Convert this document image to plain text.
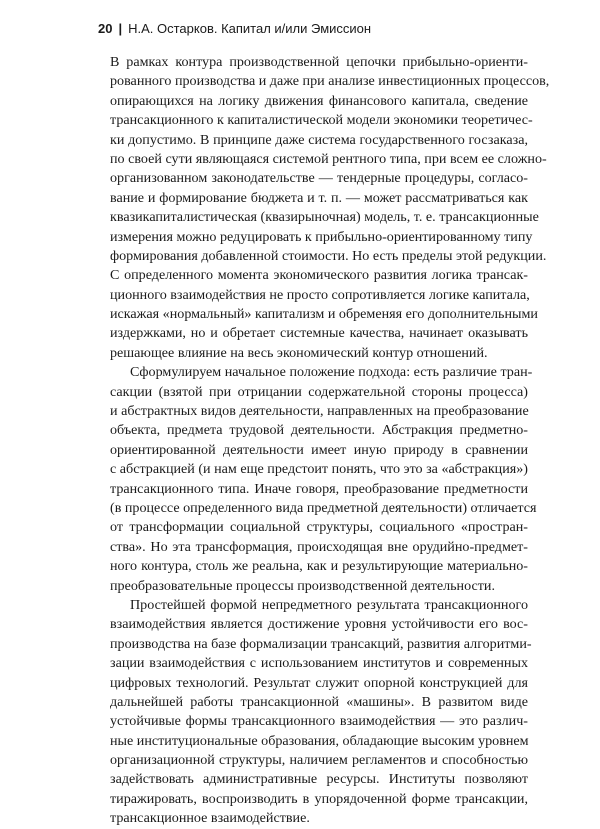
20 | Н.А. Остарков. Капитал и/или Эмиссион
В рамках контура производственной цепочки прибыльно-ориенти-
рованного производства и даже при анализе инвестиционных процессов,
опирающихся на логику движения финансового капитала, сведение
трансакционного к капиталистической модели экономики теоретичес-
ки допустимо. В принципе даже система государственного госзаказа,
по своей сути являющаяся системой рентного типа, при всем ее сложно-
организованном законодательстве — тендерные процедуры, согласо-
вание и формирование бюджета и т. п. — может рассматриваться как
квазикапиталистическая (квазирыночная) модель, т. е. трансакционные
измерения можно редуцировать к прибыльно-ориентированному типу
формирования добавленной стоимости. Но есть пределы этой редукции.
С определенного момента экономического развития логика трансак-
ционного взаимодействия не просто сопротивляется логике капитала,
искажая «нормальный» капитализм и обременяя его дополнительными
издержками, но и обретает системные качества, начинает оказывать
решающее влияние на весь экономический контур отношений.
Сформулируем начальное положение подхода: есть различие тран-
сакции (взятой при отрицании содержательной стороны процесса)
и абстрактных видов деятельности, направленных на преобразование
объекта, предмета трудовой деятельности. Абстракция предметно-
ориентированной деятельности имеет иную природу в сравнении
с абстракцией (и нам еще предстоит понять, что это за «абстракция»)
трансакционного типа. Иначе говоря, преобразование предметности
(в процессе определенного вида предметной деятельности) отличается
от трансформации социальной структуры, социального «простран-
ства». Но эта трансформация, происходящая вне орудийно-предмет-
ного контура, столь же реальна, как и результирующие материально-
преобразовательные процессы производственной деятельности.
Простейшей формой непредметного результата трансакционного
взаимодействия является достижение уровня устойчивости его вос-
производства на базе формализации трансакций, развития алгоритми-
зации взаимодействия с использованием институтов и современных
цифровых технологий. Результат служит опорной конструкцией для
дальнейшей работы трансакционной «машины». В развитом виде
устойчивые формы трансакционного взаимодействия — это различ-
ные институциональные образования, обладающие высоким уровнем
организационной структуры, наличием регламентов и способностью
задействовать административные ресурсы. Институты позволяют
тиражировать, воспроизводить в упорядоченной форме трансакции,
трансакционное взаимодействие.
